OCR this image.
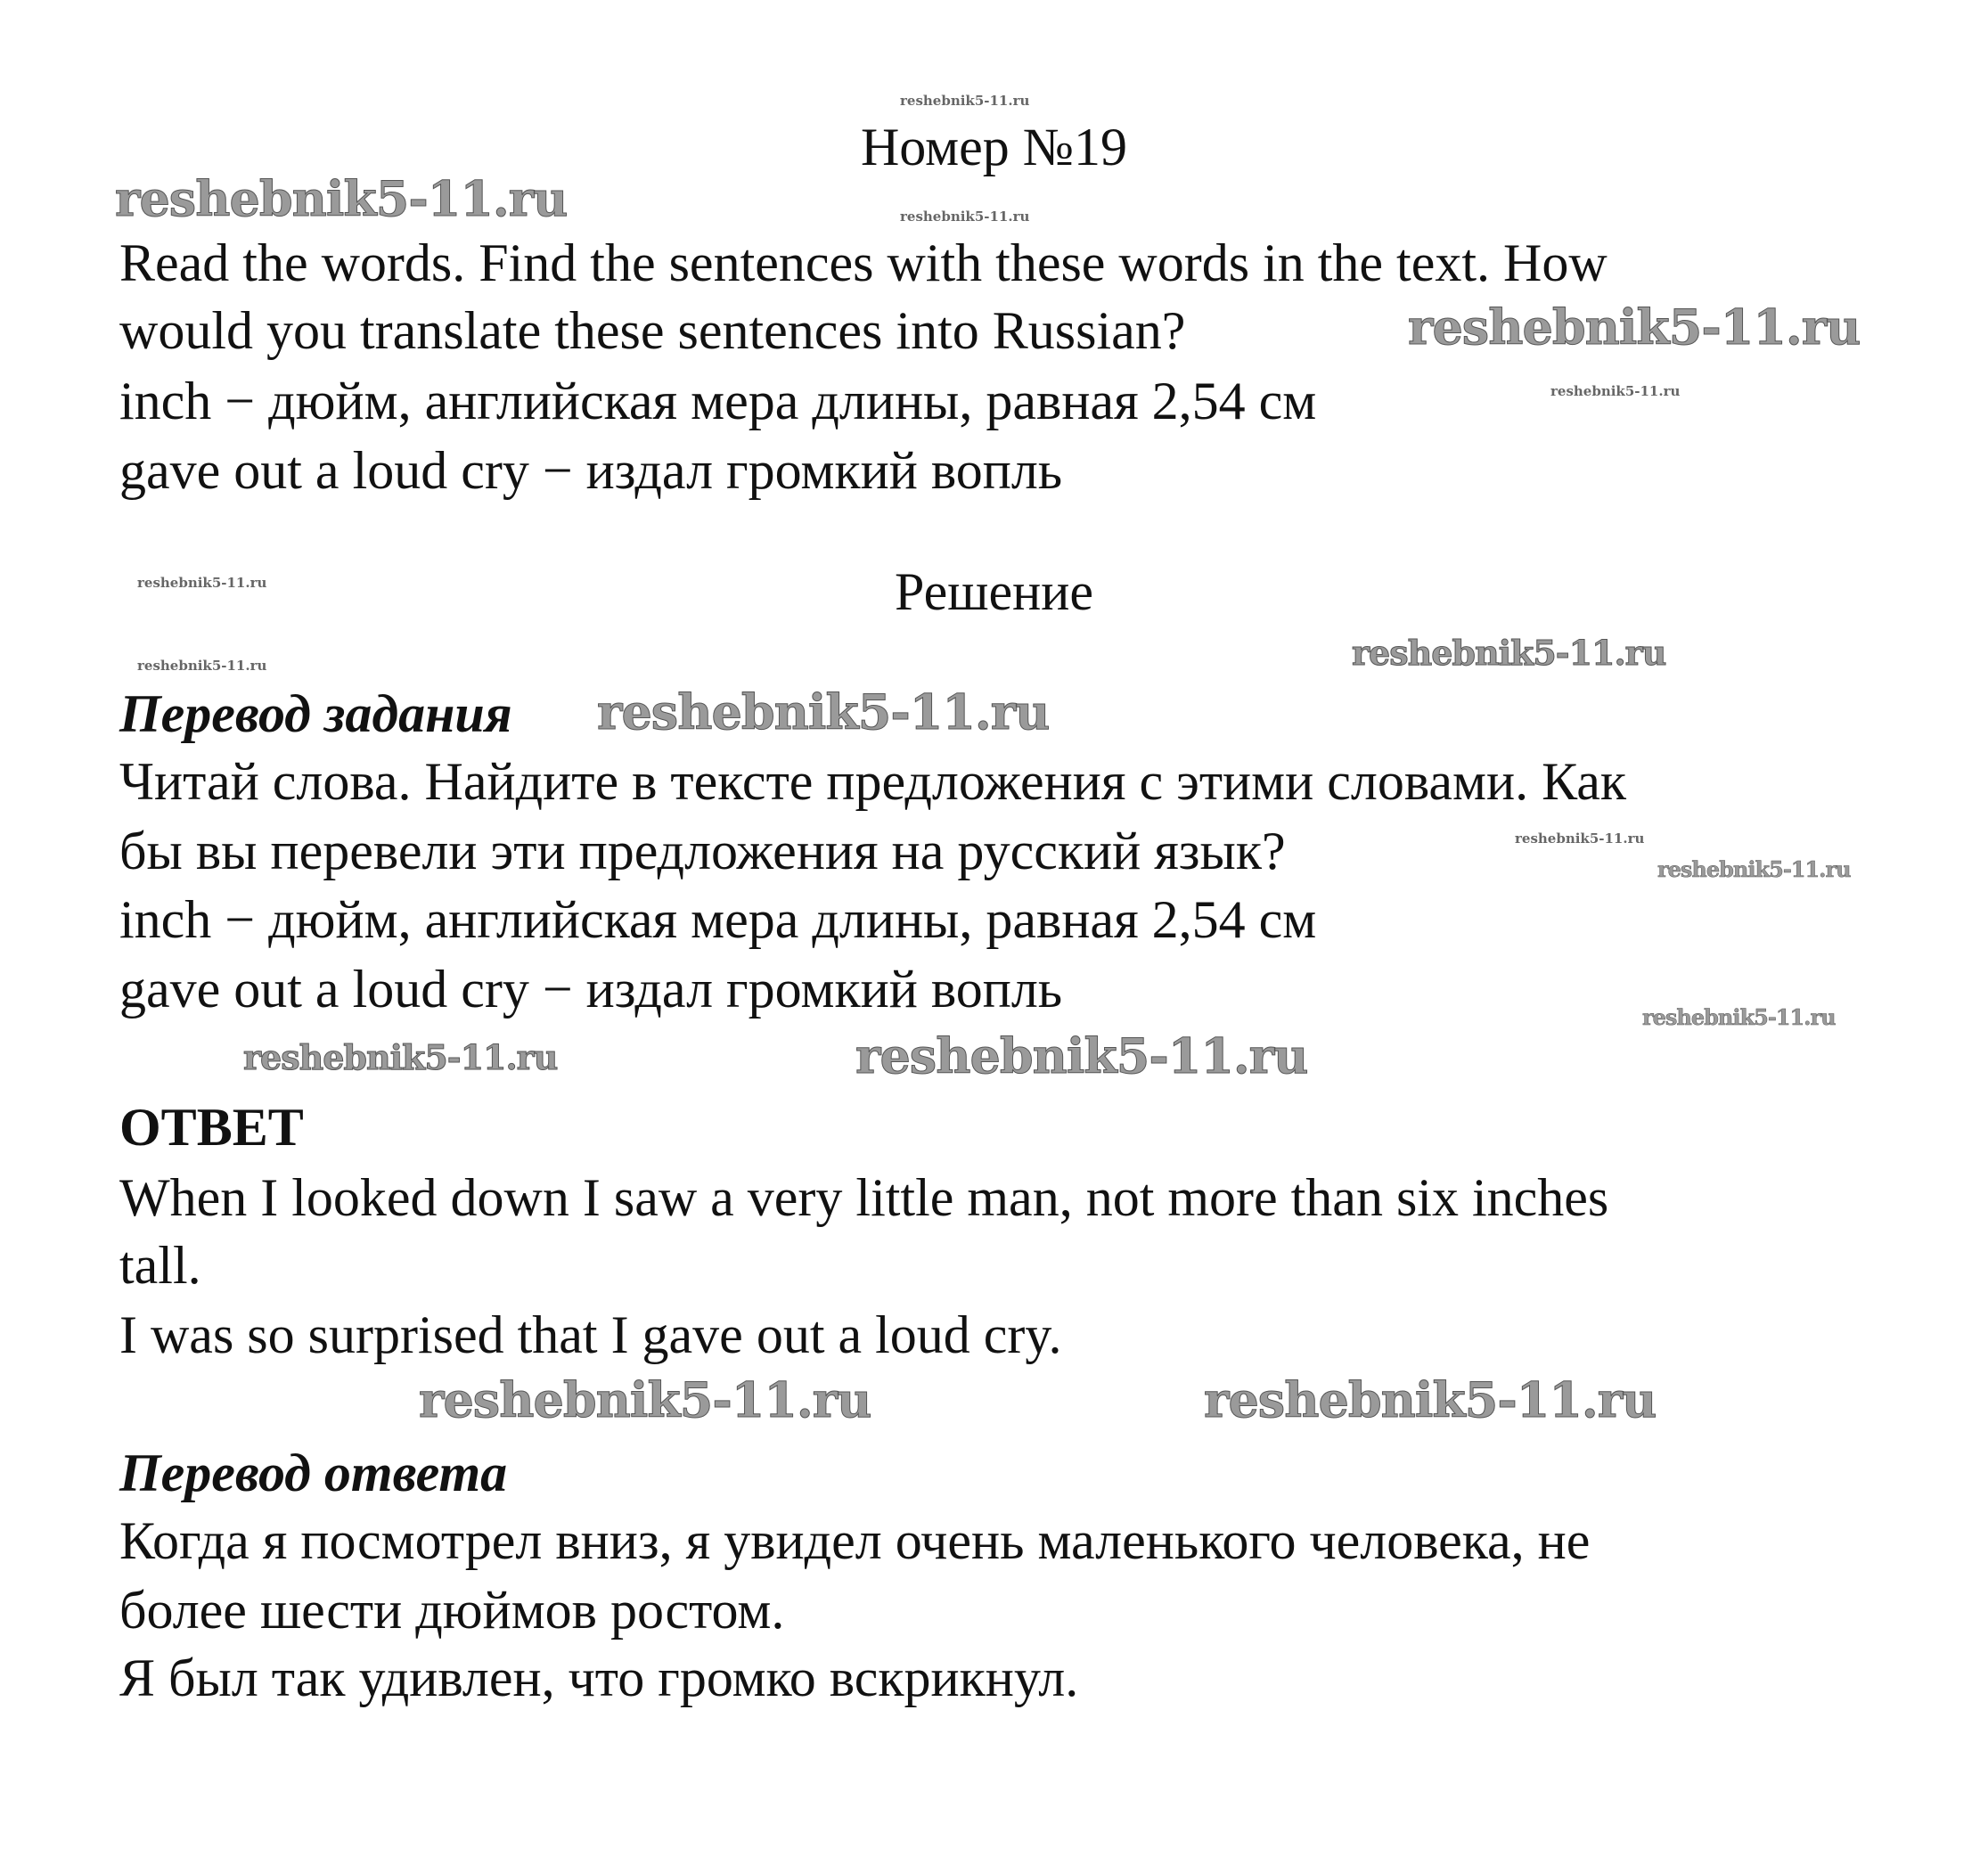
Номер №19
Read the words. Find the sentences with these words in the text. How
would you translate these sentences into Russian?
inch − дюйм, английская мера длины, равная 2,54 см
gave out a loud cry − издал громкий вопль
Решение
Перевод задания
Читай слова. Найдите в тексте предложения с этими словами. Как
бы вы перевели эти предложения на русский язык?
inch − дюйм, английская мера длины, равная 2,54 см
gave out a loud cry − издал громкий вопль
ОТВЕТ
When I looked down I saw a very little man, not more than six inches
tall.
I was so surprised that I gave out a loud cry.
Перевод ответа
Когда я посмотрел вниз, я увидел очень маленького человека, не
более шести дюймов ростом.
Я был так удивлен, что громко вскрикнул.
reshebnik5-11.ru
reshebnik5-11.ru
reshebnik5-11.ru
reshebnik5-11.ru
reshebnik5-11.ru
reshebnik5-11.ru
reshebnik5-11.ru
reshebnik5-11.ru
reshebnik5-11.ru
reshebnik5-11.ru
reshebnik5-11.ru
reshebnik5-11.ru
reshebnik5-11.ru	reshebnik5-11.ru
reshebnik5-11.ru	reshebnik5-11.ru
